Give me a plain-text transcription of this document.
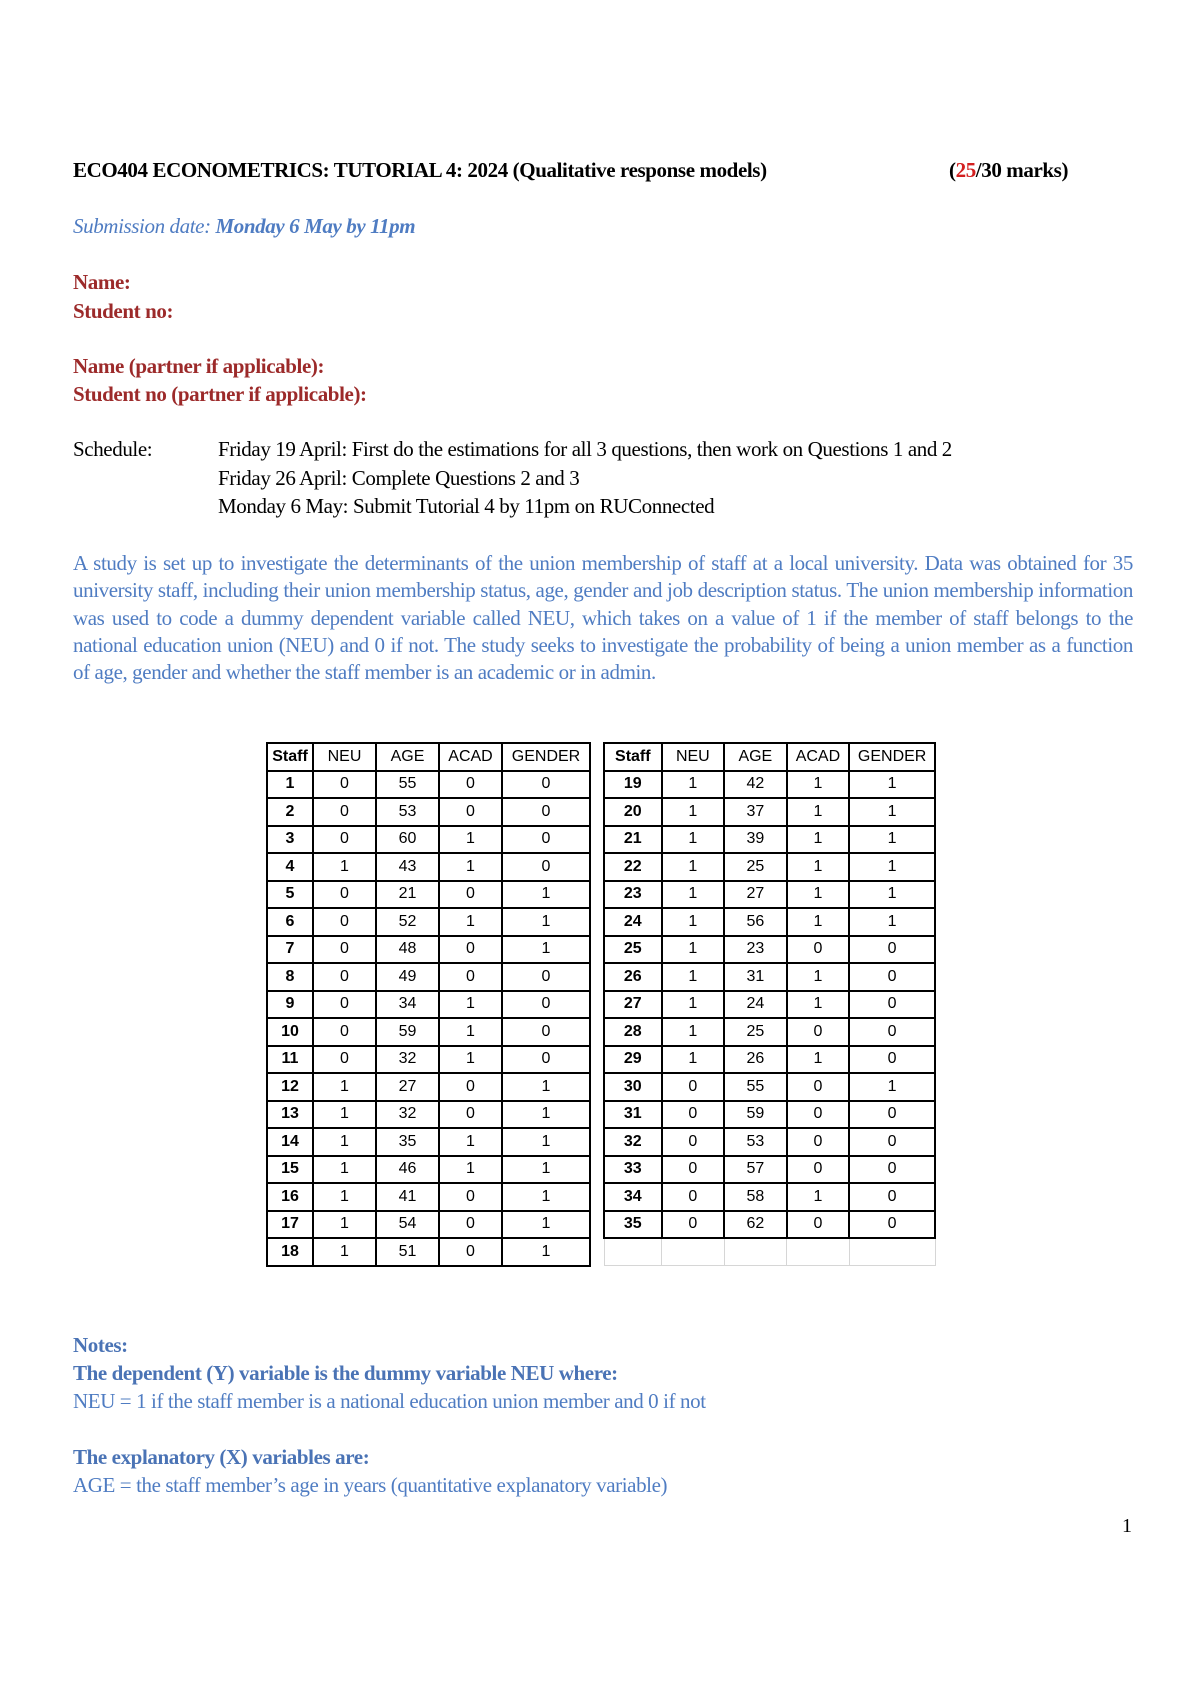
ECO404 ECONOMETRICS: TUTORIAL 4: 2024 (Qualitative response models)	(25/30 marks)
Submission date: Monday 6 May by 11pm
Name:
Student no:
Name (partner if applicable):
Student no (partner if applicable):
Schedule:	Friday 19 April: First do the estimations for all 3 questions, then work on Questions 1 and 2
Friday 26 April: Complete Questions 2 and 3
Monday 6 May: Submit Tutorial 4 by 11pm on RUConnected
A study is set up to investigate the determinants of the union membership of staff at a local university. Data was obtained for 35 university staff, including their union membership status, age, gender and job description status. The union membership information was used to code a dummy dependent variable called NEU, which takes on a value of 1 if the member of staff belongs to the national education union (NEU) and 0 if not. The study seeks to investigate the probability of being a union member as a function of age, gender and whether the staff member is an academic or in admin.
Staff	NEU	AGE	ACAD	GENDER
1	0	55	0	0
2	0	53	0	0
3	0	60	1	0
4	1	43	1	0
5	0	21	0	1
6	0	52	1	1
7	0	48	0	1
8	0	49	0	0
9	0	34	1	0
10	0	59	1	0
11	0	32	1	0
12	1	27	0	1
13	1	32	0	1
14	1	35	1	1
15	1	46	1	1
16	1	41	0	1
17	1	54	0	1
18	1	51	0	1
Staff	NEU	AGE	ACAD	GENDER
19	1	42	1	1
20	1	37	1	1
21	1	39	1	1
22	1	25	1	1
23	1	27	1	1
24	1	56	1	1
25	1	23	0	0
26	1	31	1	0
27	1	24	1	0
28	1	25	0	0
29	1	26	1	0
30	0	55	0	1
31	0	59	0	0
32	0	53	0	0
33	0	57	0	0
34	0	58	1	0
35	0	62	0	0

Notes:
The dependent (Y) variable is the dummy variable NEU where:
NEU = 1 if the staff member is a national education union member and 0 if not
The explanatory (X) variables are:
AGE = the staff member’s age in years (quantitative explanatory variable)
1
